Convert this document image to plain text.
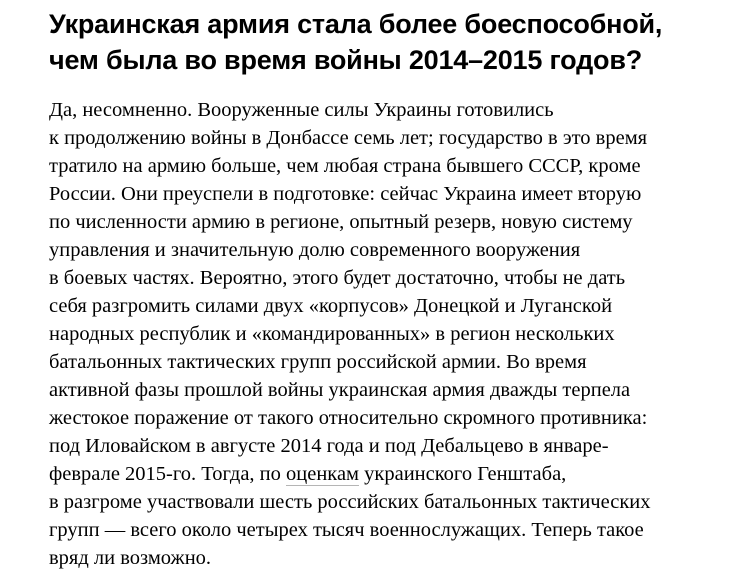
Украинская армия стала более боеспособной,
чем была во время войны 2014–2015 годов?
Да, несомненно. Вооруженные силы Украины готовились
к продолжению войны в Донбассе семь лет; государство в это время
тратило на армию больше, чем любая страна бывшего СССР, кроме
России. Они преуспели в подготовке: сейчас Украина имеет вторую
по численности армию в регионе, опытный резерв, новую систему
управления и значительную долю современного вооружения
в боевых частях. Вероятно, этого будет достаточно, чтобы не дать
себя разгромить силами двух «корпусов» Донецкой и Луганской
народных республик и «командированных» в регион нескольких
батальонных тактических групп российской армии. Во время
активной фазы прошлой войны украинская армия дважды терпела
жестокое поражение от такого относительно скромного противника:
под Иловайском в августе 2014 года и под Дебальцево в январе-
феврале 2015-го. Тогда, по оценкам украинского Генштаба,
в разгроме участвовали шесть российских батальонных тактических
групп — всего около четырех тысяч военнослужащих. Теперь такое
вряд ли возможно.
